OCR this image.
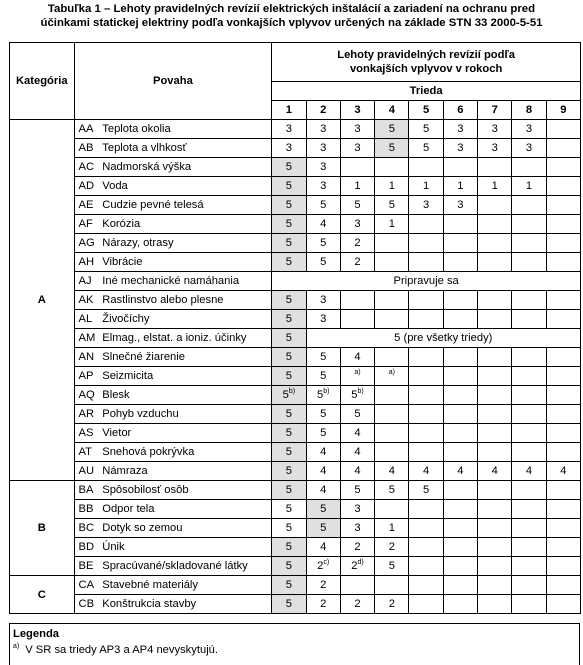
Tabuľka 1 – Lehoty pravidelných revízií elektrických inštalácií a zariadení na ochranu pred
účinkami statickej elektriny podľa vonkajších vplyvov určených na základe STN 33 2000-5-51
Kategória	Povaha		Lehoty pravidelných revízií podľa
vonkajších vplyvov v rokoch								

			Trieda								
			1	2	3	4	5	6	7	8	9
A	AA	Teplota okolia	3	3	3	5	5	3	3	3	
	AB	Teplota a vlhkosť	3	3	3	5	5	3	3	3	
	AC	Nadmorská výška	5	3							
	AD	Voda	5	3	1	1	1	1	1	1	
	AE	Cudzie pevné telesá	5	5	5	5	3	3			
	AF	Korózia	5	4	3	1					
	AG	Nárazy, otrasy	5	5	2						
	AH	Vibrácie	5	5	2						
	AJ	Iné mechanické namáhania	Pripravuje sa								
	AK	Rastlinstvo alebo plesne	5	3							
	AL	Živočíchy	5	3							
	AM	Elmag., elstat. a ioniz. účinky	5	5 (pre všetky triedy)							
	AN	Slnečné žiarenie	5	5	4						
	AP	Seizmicita	5	5	$^{a)}$	$^{a)}$					
	AQ	Blesk	5$^{b)}$	5$^{b)}$	5$^{b)}$						
	AR	Pohyb vzduchu	5	5	5						
	AS	Vietor	5	5	4						
	AT	Snehová pokrývka	5	4	4						
	AU	Námraza	5	4	4	4	4	4	4	4	4
B	BA	Spôsobilosť osôb	5	4	5	5	5				
	BB	Odpor tela	5	5	3						
	BC	Dotyk so zemou	5	5	3	1					
	BD	Únik	5	4	2	2					
	BE	Spracúvané/skladované látky	5	2$^{c)}$	2$^{d)}$	5					
C	CA	Stavebné materiály	5	2							
	CB	Konštrukcia stavby	5	2	2	2					
Legenda
$^{a)}$ V SR sa triedy AP3 a AP4 nevyskytujú.
